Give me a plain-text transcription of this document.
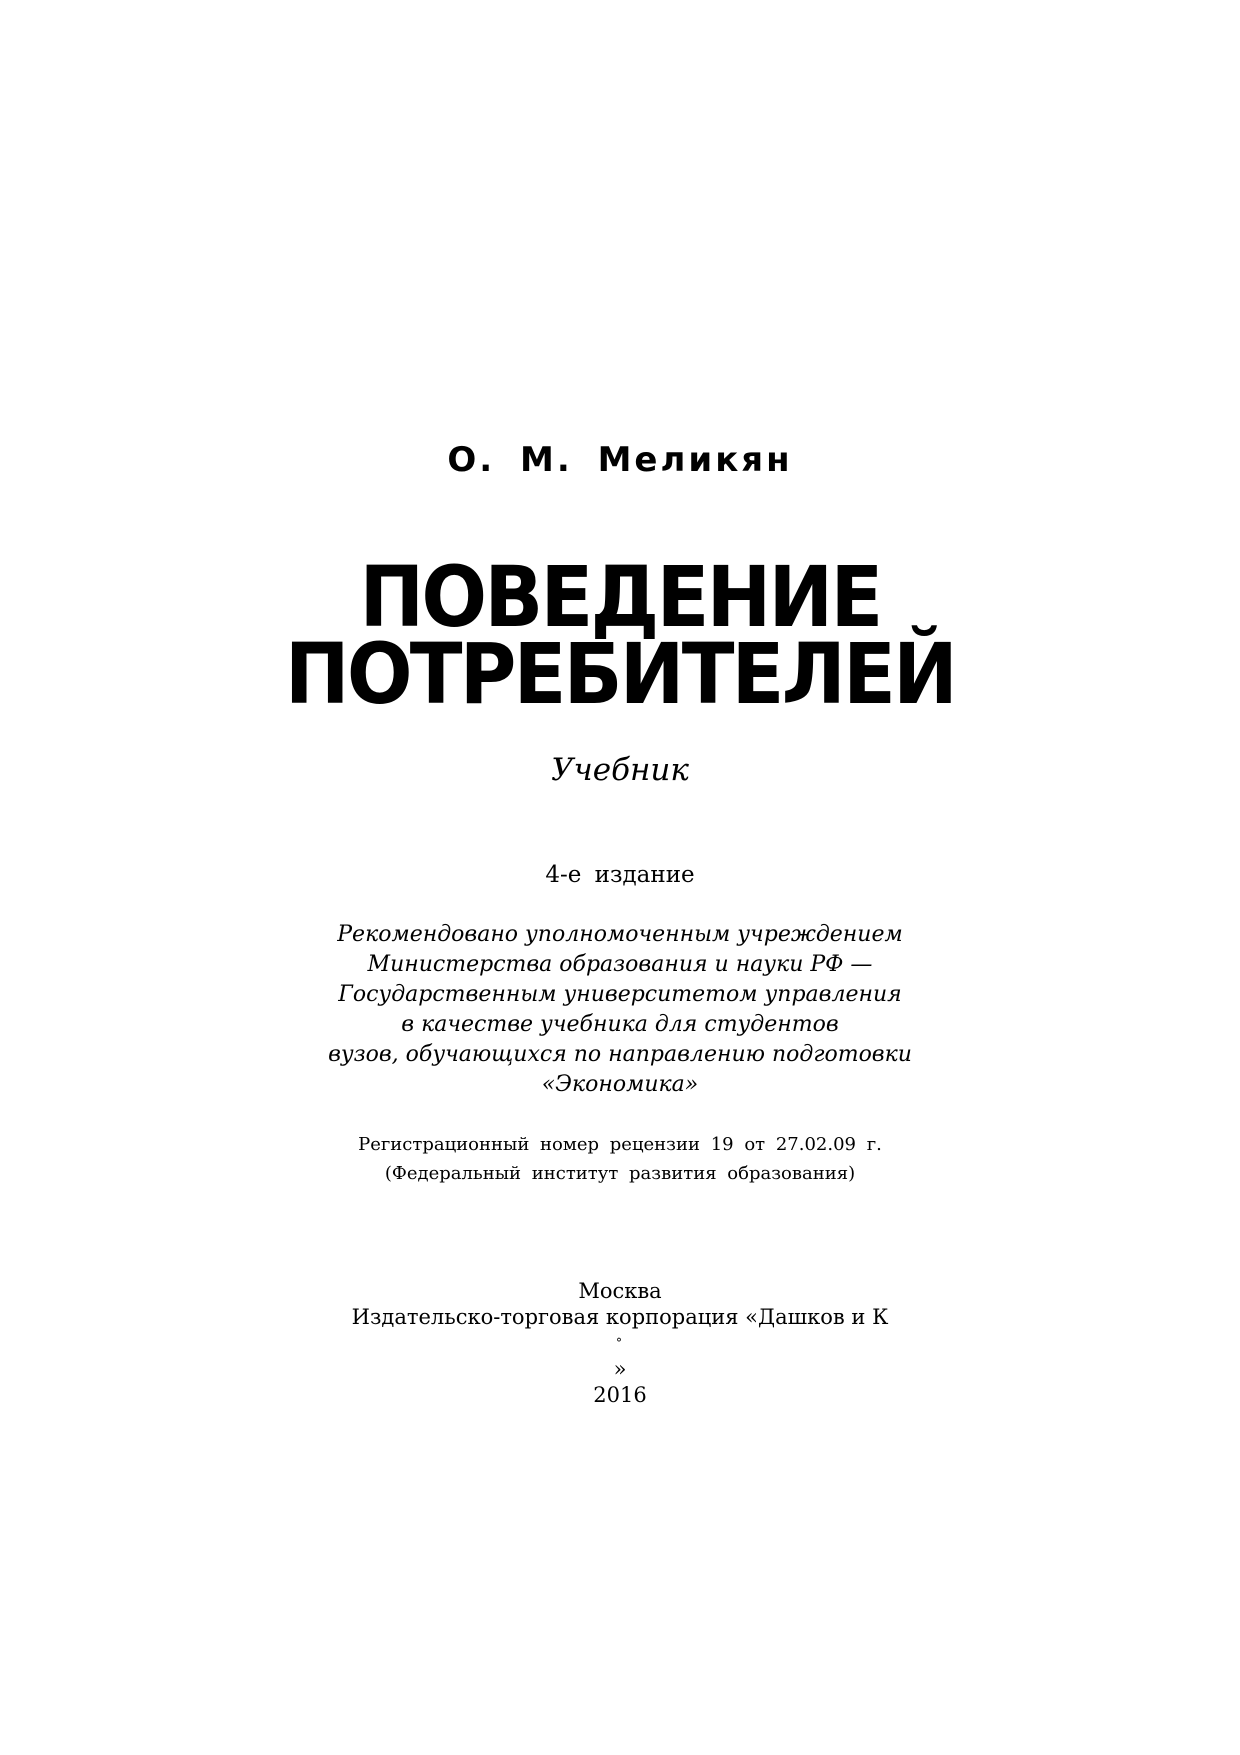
О. М. Меликян
ПОВЕДЕНИЕ
ПОТРЕБИТЕЛЕЙ
Учебник
4-е издание
Рекомендовано уполномоченным учреждением
Министерства образования и науки РФ —
Государственным университетом управления
в качестве учебника для студентов
вузов, обучающихся по направлению подготовки
«Экономика»
Регистрационный номер рецензии 19 от 27.02.09 г.
(Федеральный институт развития образования)
Москва
Издательско-торговая корпорация «Дашков и К
°
»
2016
